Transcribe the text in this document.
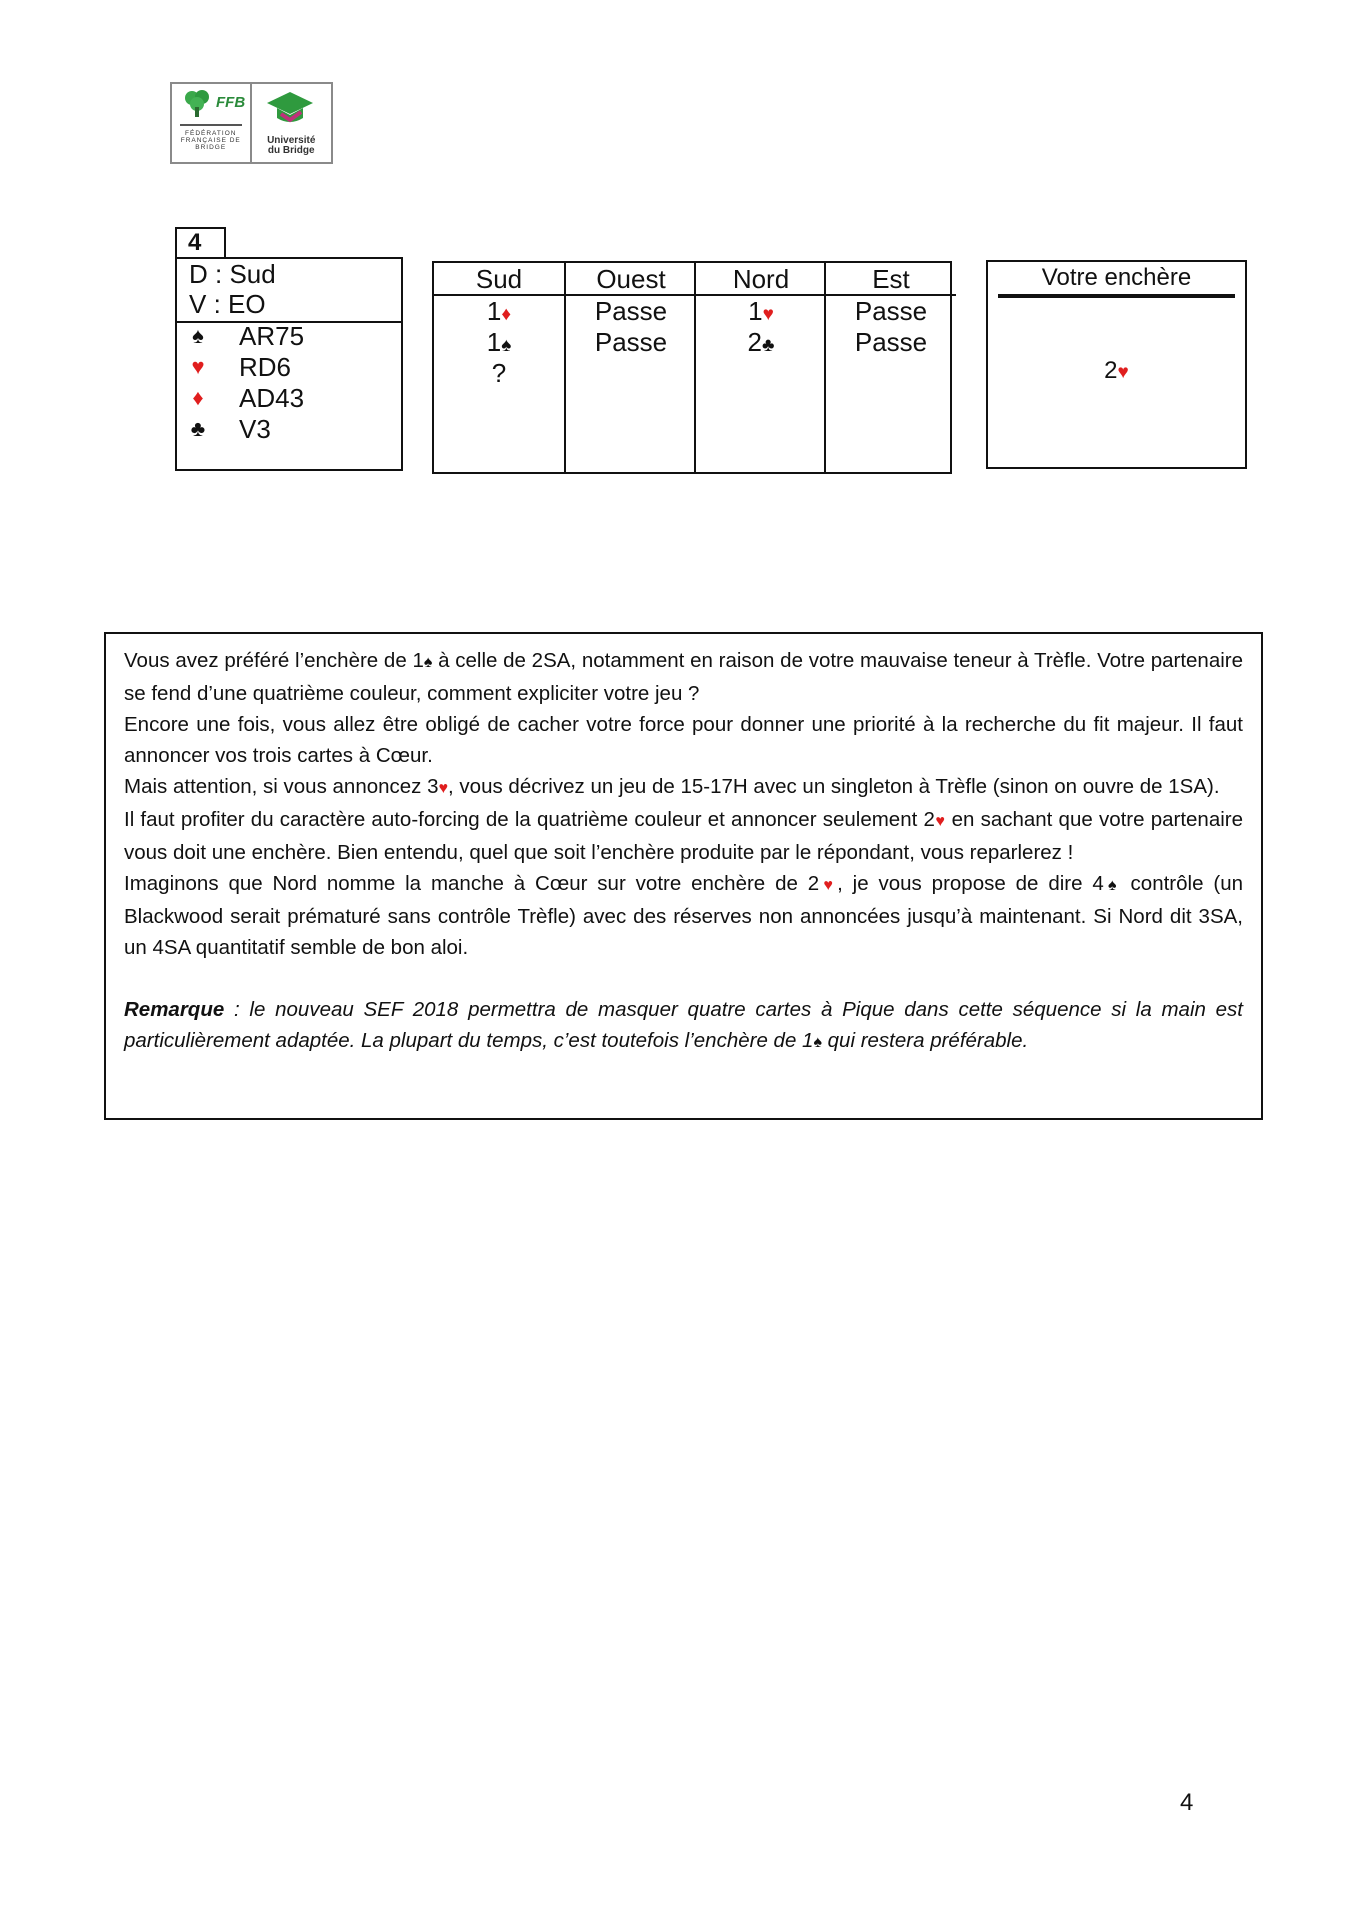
FFB
FÉDÉRATION FRANÇAISE DE BRIDGE
Université
du Bridge
4
D : Sud
V : EO
♠ AR75
♥ RD6
♦ AD43
♣ V3
Sud
1♦
1♠
?
Ouest
Passe
Passe
Nord
1♥
2♣
Est
Passe
Passe
Votre enchère
2♥

Vous avez préféré l’enchère de 1♠ à celle de 2SA, notamment en raison de votre mauvaise teneur à Trèfle. Votre partenaire se fend d’une quatrième couleur, comment expliciter votre jeu ?

Encore une fois, vous allez être obligé de cacher votre force pour donner une priorité à la recherche du fit majeur. Il faut annoncer vos trois cartes à Cœur.

Mais attention, si vous annoncez 3♥, vous décrivez un jeu de 15-17H avec un singleton à Trèfle (sinon on ouvre de 1SA).

Il faut profiter du caractère auto-forcing de la quatrième couleur et annoncer seulement 2♥ en sachant que votre partenaire vous doit une enchère. Bien entendu, quel que soit l’enchère produite par le répondant, vous reparlerez !

Imaginons que Nord nomme la manche à Cœur sur votre enchère de 2♥, je vous propose de dire 4♠ contrôle (un Blackwood serait prématuré sans contrôle Trèfle) avec des réserves non annoncées jusqu’à maintenant. Si Nord dit 3SA, un 4SA quantitatif semble de bon aloi.

Remarque : le nouveau SEF 2018 permettra de masquer quatre cartes à Pique dans cette séquence si la main est particulièrement adaptée. La plupart du temps, c’est toutefois l’enchère de 1♠ qui restera préférable.

4
